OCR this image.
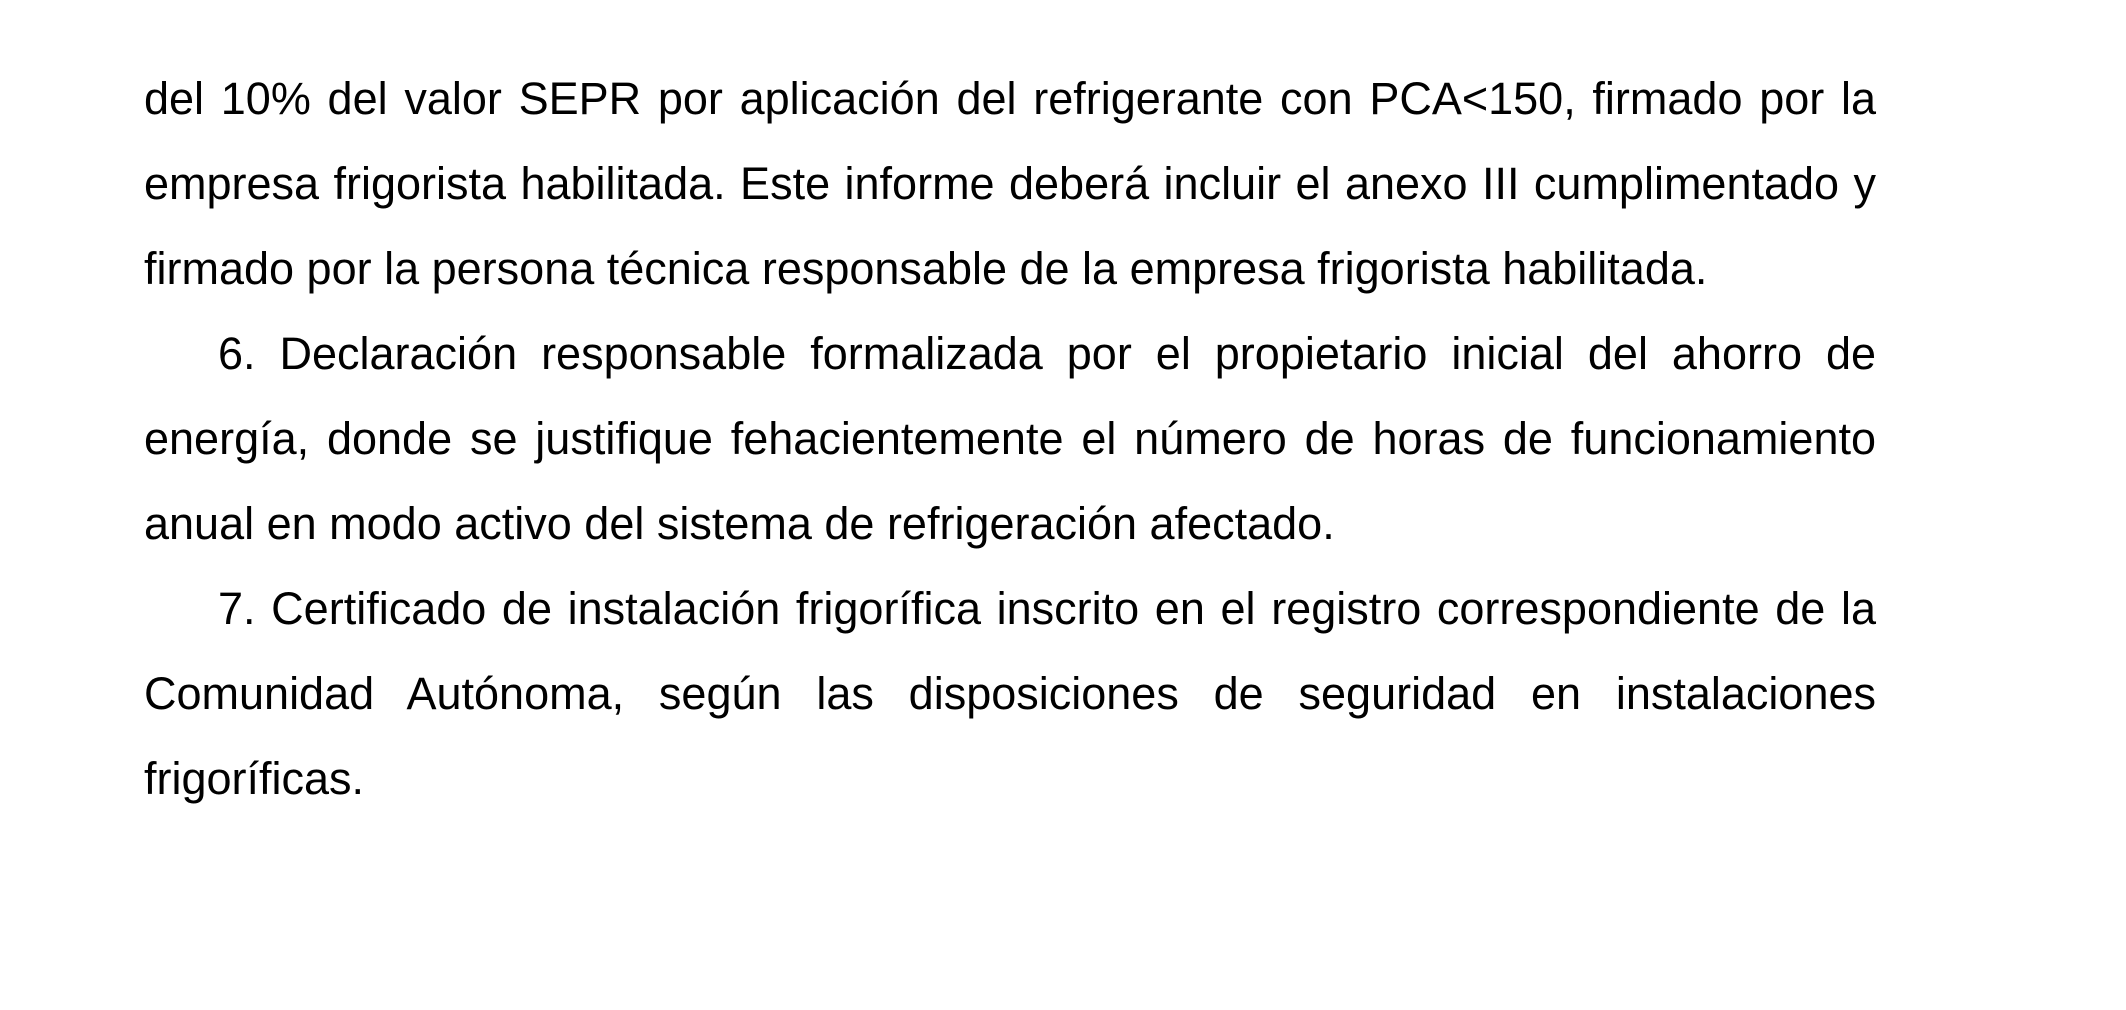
del 10% del valor SEPR por aplicación del refrigerante con PCA<150, firmado por la empresa frigorista habilitada. Este informe deberá incluir el anexo III cumplimentado y firmado por la persona técnica responsable de la empresa frigorista habilitada.

6. Declaración responsable formalizada por el propietario inicial del ahorro de energía, donde se justifique fehacientemente el número de horas de funcionamiento anual en modo activo del sistema de refrigeración afectado.

7. Certificado de instalación frigorífica inscrito en el registro correspondiente de la Comunidad Autónoma, según las disposiciones de seguridad en instalaciones frigoríficas.
